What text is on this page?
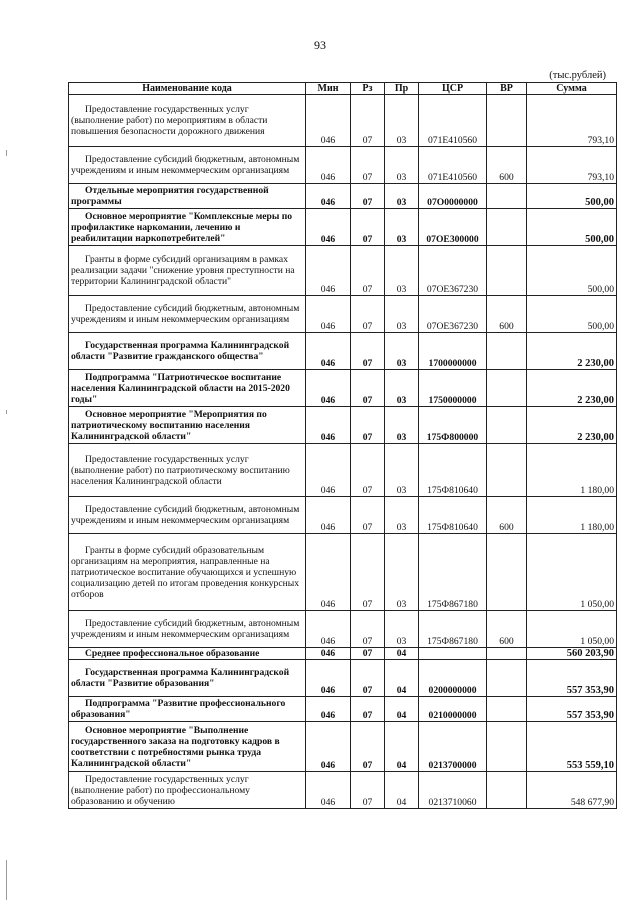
93
(тыс.рублей)
Наименование кода	Мин	Рз	Пр	ЦСР	ВР	Сумма
Предоставление государственных услуг (выполнение работ) по мероприятиям в области повышения безопасности дорожного движения	046	07	03	071E410560		793,10
Предоставление субсидий бюджетным, автономным учреждениям и иным некоммерческим организациям	046	07	03	071E410560	600	793,10
Отдельные мероприятия государственной программы	046	07	03	07O0000000		500,00
Основное мероприятие "Комплексные меры по профилактике наркомании, лечению и реабилитации наркопотребителей"	046	07	03	07OE300000		500,00
Гранты в форме субсидий организациям в рамках реализации задачи "снижение уровня преступности на территории Калининградской области"	046	07	03	07OE367230		500,00
Предоставление субсидий бюджетным, автономным учреждениям и иным некоммерческим организациям	046	07	03	07OE367230	600	500,00
Государственная программа Калининградской области "Развитие гражданского общества"	046	07	03	1700000000		2 230,00
Подпрограмма "Патриотическое воспитание населения Калининградской области на 2015-2020 годы"	046	07	03	1750000000		2 230,00
Основное мероприятие "Мероприятия по патриотическому воспитанию населения Калининградской области"	046	07	03	175Ф800000		2 230,00
Предоставление государственных услуг (выполнение работ) по патриотическому воспитанию населения Калининградской области	046	07	03	175Ф810640		1 180,00
Предоставление субсидий бюджетным, автономным учреждениям и иным некоммерческим организациям	046	07	03	175Ф810640	600	1 180,00
Гранты в форме субсидий образовательным организациям на мероприятия, направленные на патриотическое воспитание обучающихся и успешную социализацию детей по итогам проведения конкурсных отборов	046	07	03	175Ф867180		1 050,00
Предоставление субсидий бюджетным, автономным учреждениям и иным некоммерческим организациям	046	07	03	175Ф867180	600	1 050,00
Среднее профессиональное образование	046	07	04			560 203,90
Государственная программа Калининградской области "Развитие образования"	046	07	04	0200000000		557 353,90
Подпрограмма "Развитие профессионального образования"	046	07	04	0210000000		557 353,90
Основное мероприятие "Выполнение государственного заказа на подготовку кадров в соответствии с потребностями рынка труда Калининградской области"	046	07	04	0213700000		553 559,10
Предоставление государственных услуг (выполнение работ) по профессиональному образованию и обучению	046	07	04	0213710060		548 677,90
